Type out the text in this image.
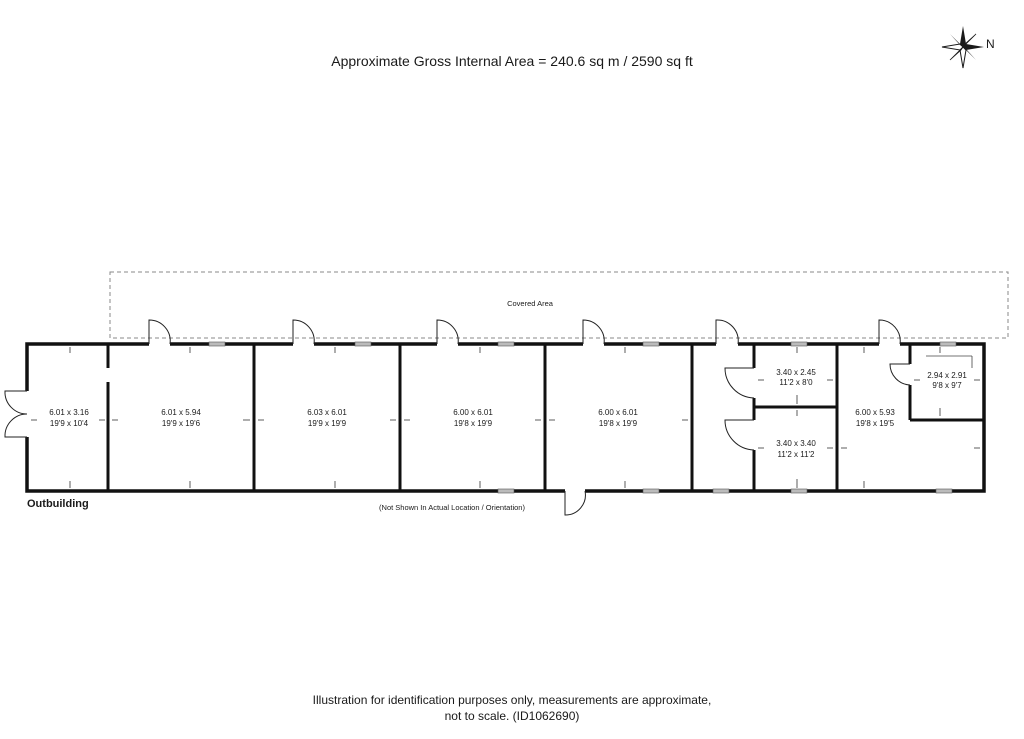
Approximate Gross Internal Area = 240.6 sq m / 2590 sq ft
N
Covered Area
6.01 x 3.16
19'9 x 10'4
6.01 x 5.94
19'9 x 19'6
6.03 x 6.01
19'9 x 19'9
6.00 x 6.01
19'8 x 19'9
6.00 x 6.01
19'8 x 19'9
3.40 x 2.45
11'2 x 8'0
3.40 x 3.40
11'2 x 11'2
6.00 x 5.93
19'8 x 19'5
2.94 x 2.91
9'8 x 9'7
(Not Shown In Actual Location / Orientation)
Outbuilding
Illustration for identification purposes only, measurements are approximate,
not to scale. (ID1062690)
